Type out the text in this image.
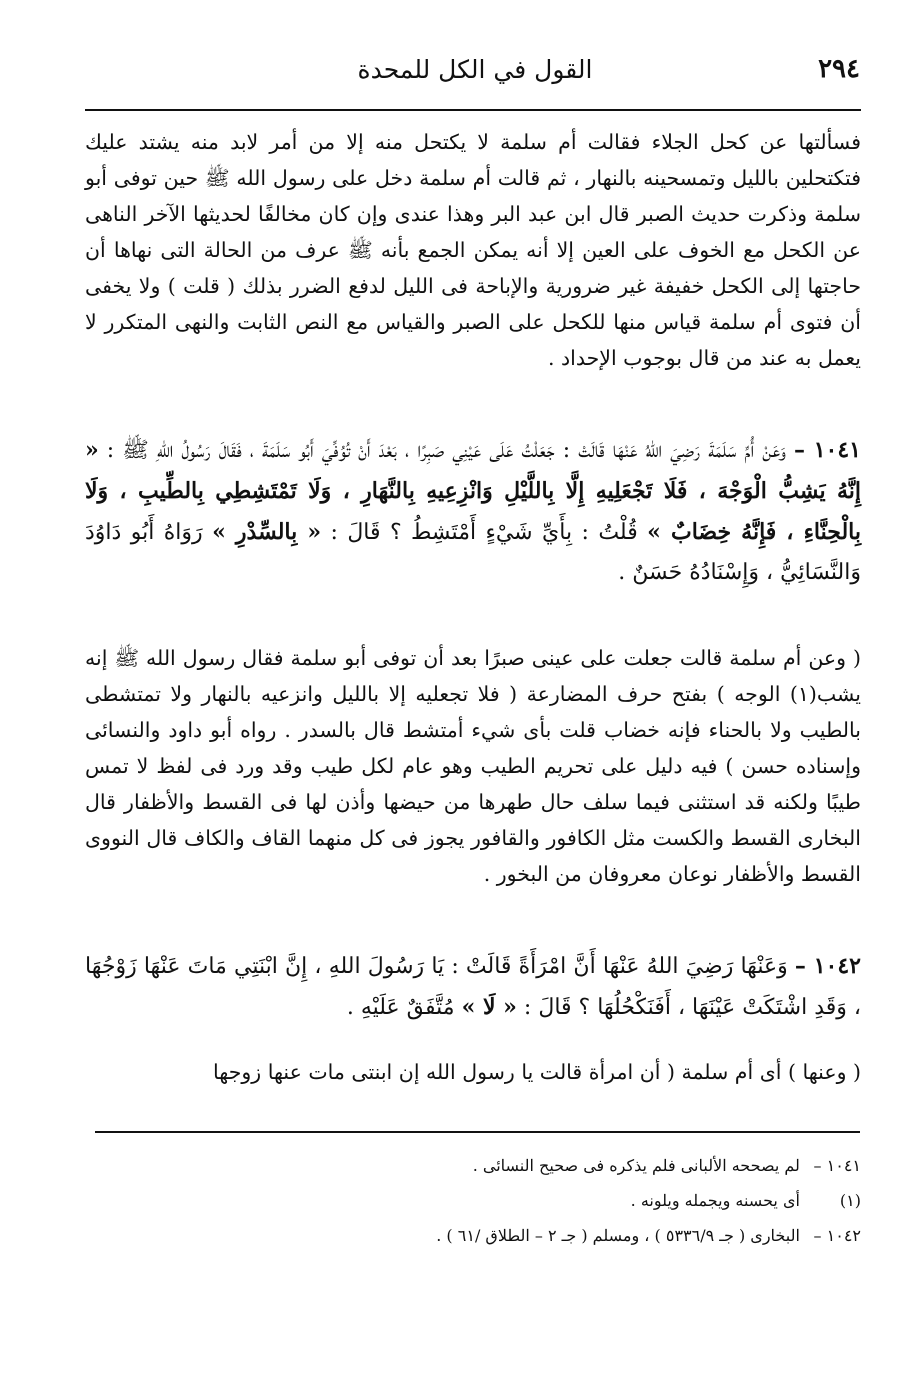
٢٩٤
القول في الكل للمحدة
فسألتها عن كحل الجلاء فقالت أم سلمة لا يكتحل منه إلا من أمر لابد منه يشتد عليك فتكتحلين بالليل وتمسحينه بالنهار ، ثم قالت أم سلمة دخل على رسول الله ﷺ حين توفى أبو سلمة وذكرت حديث الصبر قال ابن عبد البر وهذا عندى وإن كان مخالفًا لحديثها الآخر الناهى عن الكحل مع الخوف على العين إلا أنه يمكن الجمع بأنه ﷺ عرف من الحالة التى نهاها أن حاجتها إلى الكحل خفيفة غير ضرورية والإباحة فى الليل لدفع الضرر بذلك ( قلت ) ولا يخفى أن فتوى أم سلمة قياس منها للكحل على الصبر والقياس مع النص الثابت والنهى المتكرر لا يعمل به عند من قال بوجوب الإحداد .
١٠٤١ – وَعَنْ أُمِّ سَلَمَةَ رَضِيَ اللهُ عَنْهَا قَالَتْ : جَعَلْتُ عَلَى عَيْنِي صَبِرًا ، بَعْدَ أَنْ تُوُفِّيَ أَبُو سَلَمَةَ ، فَقَالَ رَسُولُ اللهِ ﷺ : « إِنَّهُ يَشِبُّ الْوَجْهَ ، فَلَا تَجْعَلِيهِ إِلَّا بِاللَّيْلِ وَانْزِعِيهِ بِالنَّهَارِ ، وَلَا تَمْتَشِطِي بِالطِّيبِ ، وَلَا بِالْحِنَّاءِ ، فَإِنَّهُ خِضَابٌ » قُلْتُ : بِأَيِّ شَيْءٍ أَمْتَشِطُ ؟ قَالَ : « بِالسِّدْرِ » رَوَاهُ أَبُو دَاوُدَ وَالنَّسَائِيُّ ، وَإِسْنَادُهُ حَسَنٌ .
( وعن أم سلمة قالت جعلت على عينى صبرًا بعد أن توفى أبو سلمة فقال رسول الله ﷺ إنه يشب(١) الوجه ) بفتح حرف المضارعة ( فلا تجعليه إلا بالليل وانزعيه بالنهار ولا تمتشطى بالطيب ولا بالحناء فإنه خضاب قلت بأى شيء أمتشط قال بالسدر . رواه أبو داود والنسائى وإسناده حسن ) فيه دليل على تحريم الطيب وهو عام لكل طيب وقد ورد فى لفظ لا تمس طيبًا ولكنه قد استثنى فيما سلف حال طهرها من حيضها وأذن لها فى القسط والأظفار قال البخارى القسط والكست مثل الكافور والقافور يجوز فى كل منهما القاف والكاف قال النووى القسط والأظفار نوعان معروفان من البخور .
١٠٤٢ – وَعَنْهَا رَضِيَ اللهُ عَنْهَا أَنَّ امْرَأَةً قَالَتْ : يَا رَسُولَ اللهِ ، إِنَّ ابْنَتِي مَاتَ عَنْهَا زَوْجُهَا ، وَقَدِ اشْتَكَتْ عَيْنَهَا ، أَفَنَكْحُلُهَا ؟ قَالَ : « لَا » مُتَّفَقٌ عَلَيْهِ .
( وعنها ) أى أم سلمة ( أن امرأة قالت يا رسول الله إن ابنتى مات عنها زوجها
١٠٤١ – لم يصححه الألبانى فلم يذكره فى صحيح النسائى .
(١) أى يحسنه ويجمله ويلونه .
١٠٤٢ – البخارى ( جـ ٥٣٣٦/٩ ) ، ومسلم ( جـ ٢ – الطلاق /٦١ ) .
